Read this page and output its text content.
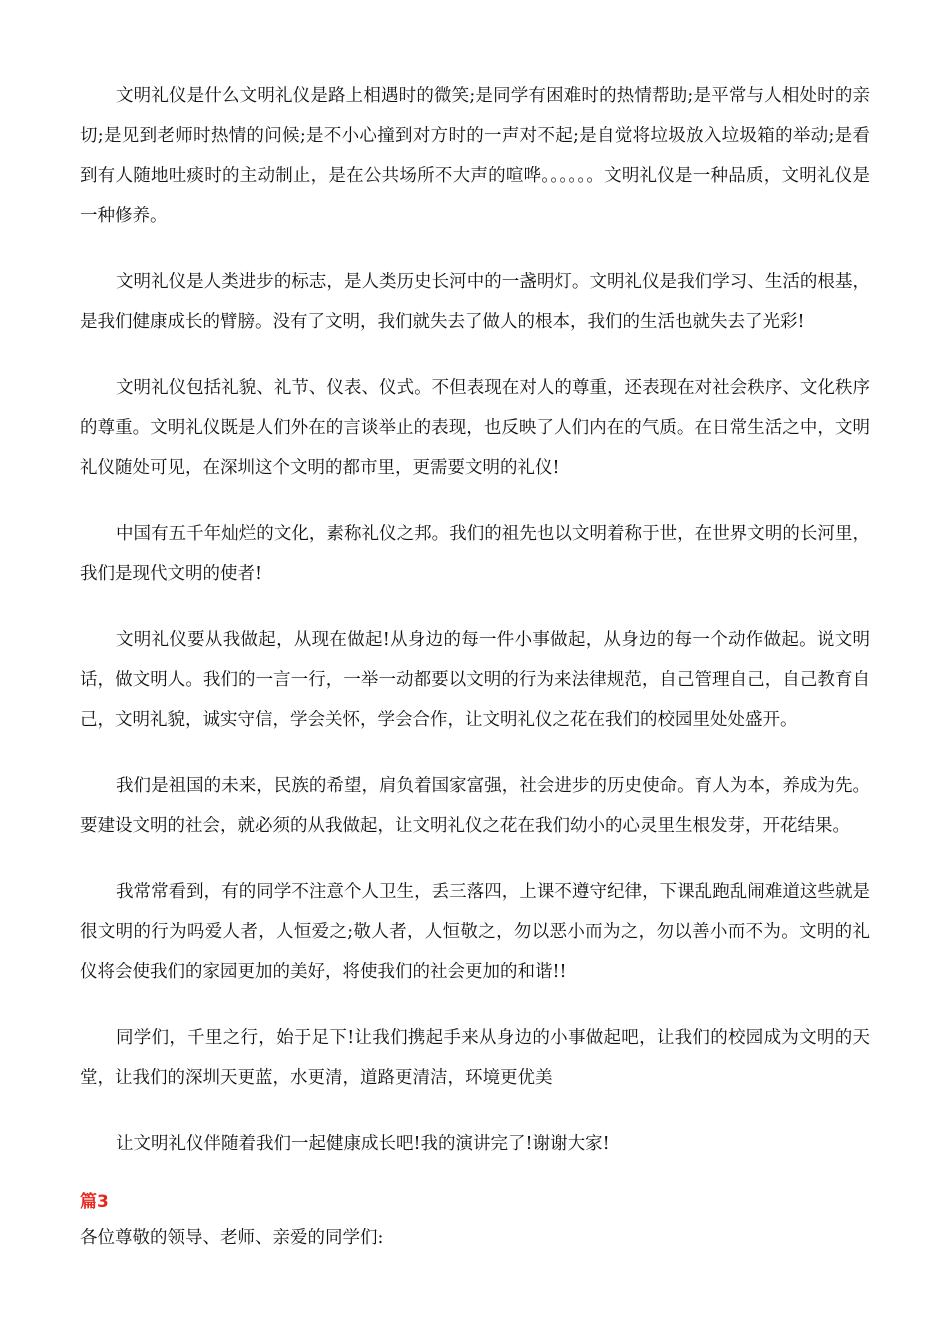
文明礼仪是什么文明礼仪是路上相遇时的微笑;是同学有困难时的热情帮助;是平常与人相处时的亲切;是见到老师时热情的问候;是不小心撞到对方时的一声对不起;是自觉将垃圾放入垃圾箱的举动;是看到有人随地吐痰时的主动制止，是在公共场所不大声的喧哗。。。。。。文明礼仪是一种品质，文明礼仪是一种修养。

文明礼仪是人类进步的标志，是人类历史长河中的一盏明灯。文明礼仪是我们学习、生活的根基，是我们健康成长的臂膀。没有了文明，我们就失去了做人的根本，我们的生活也就失去了光彩!

文明礼仪包括礼貌、礼节、仪表、仪式。不但表现在对人的尊重，还表现在对社会秩序、文化秩序的尊重。文明礼仪既是人们外在的言谈举止的表现，也反映了人们内在的气质。在日常生活之中，文明礼仪随处可见，在深圳这个文明的都市里，更需要文明的礼仪!

中国有五千年灿烂的文化，素称礼仪之邦。我们的祖先也以文明着称于世，在世界文明的长河里，我们是现代文明的使者!

文明礼仪要从我做起，从现在做起!从身边的每一件小事做起，从身边的每一个动作做起。说文明话，做文明人。我们的一言一行，一举一动都要以文明的行为来法律规范，自己管理自己，自己教育自己，文明礼貌，诚实守信，学会关怀，学会合作，让文明礼仪之花在我们的校园里处处盛开。

我们是祖国的未来，民族的希望，肩负着国家富强，社会进步的历史使命。育人为本，养成为先。要建设文明的社会，就必须的从我做起，让文明礼仪之花在我们幼小的心灵里生根发芽，开花结果。

我常常看到，有的同学不注意个人卫生，丢三落四，上课不遵守纪律，下课乱跑乱闹难道这些就是很文明的行为吗爱人者，人恒爱之;敬人者，人恒敬之，勿以恶小而为之，勿以善小而不为。文明的礼仪将会使我们的家园更加的美好，将使我们的社会更加的和谐!!

同学们，千里之行，始于足下!让我们携起手来从身边的小事做起吧，让我们的校园成为文明的天堂，让我们的深圳天更蓝，水更清，道路更清洁，环境更优美

让文明礼仪伴随着我们一起健康成长吧!我的演讲完了!谢谢大家!

篇3

各位尊敬的领导、老师、亲爱的同学们:
